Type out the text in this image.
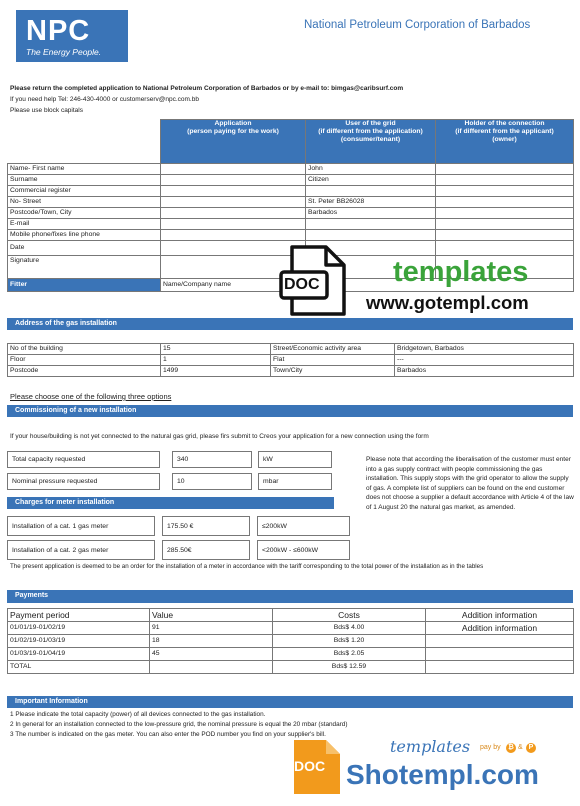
NPC
The Energy People.
National Petroleum Corporation of Barbados
Please return the completed application to National Petroleum Corporation of Barbados or by e-mail to: bimgas@caribsurf.com
If you need help Tel: 246-430-4000 or customerserv@npc.com.bb
Please use block capitals
	Application
(person paying for the work)	User of the grid
(if different from the application)
(consumer/tenant)	Holder of the connection
(if different from the applicant)
(owner)
Name- First name		John	
Surname		Citizen	
Commercial register			
No- Street		St. Peter BB26028	
Postcode/Town, City		Barbados	
E-mail			
Mobile phone/fixes line phone			
Date			
Signature			
Fitter	Name/Company name		
Address of the gas installation
No of the building	15	Street/Economic activity area	Bridgetown, Barbados
Floor	1	Flat	---
Postcode	1499	Town/City	Barbados
Please choose one of the following three options
Commissioning of a new installation
If your house/building is not yet connected to the natural gas grid, please firs submit to Creos your application for a new connection using the form
Total capacity requested	340	kW
Nominal pressure requested	10	mbar
Please note that according the liberalisation of the customer must enter into a gas supply contract with people commissioning the gas installation. This supply stops with the grid operator to allow the supply of gas. A complete list of suppliers can be found on the end customer does not choose a supplier a default accordance with Article 4 of the law of 1 August 20 the natural gas market, as amended.
Charges for meter installation
Installation of a cat. 1 gas meter	175.50 €	≤200kW
Installation of a cat. 2 gas meter	285.50€	<200kW - ≤600kW
The present application is deemed to be an order for the installation of a meter in accordance with the tariff corresponding to the total power of the installation as in the tables
Payments
Payment period	Value	Costs	Addition information
01/01/19-01/02/19	91	Bds$ 4.00	Addition information
01/02/19-01/03/19	18	Bds$ 1.20	
01/03/19-01/04/19	45	Bds$ 2.05	
TOTAL		Bds$ 12.59	
Important Information
1 Please indicate the total capacity (power) of all devices connected to the gas installation.
2 In general for an installation connected to the low-pressure grid, the nominal pressure is equal the 20 mbar (standard)
3 The number is indicated on the gas meter. You can also enter the POD number you find on your supplier's bill.
DOC	templates
www.gotempl.com
templates pay by	₿ & P
DOC Shotempl.com
